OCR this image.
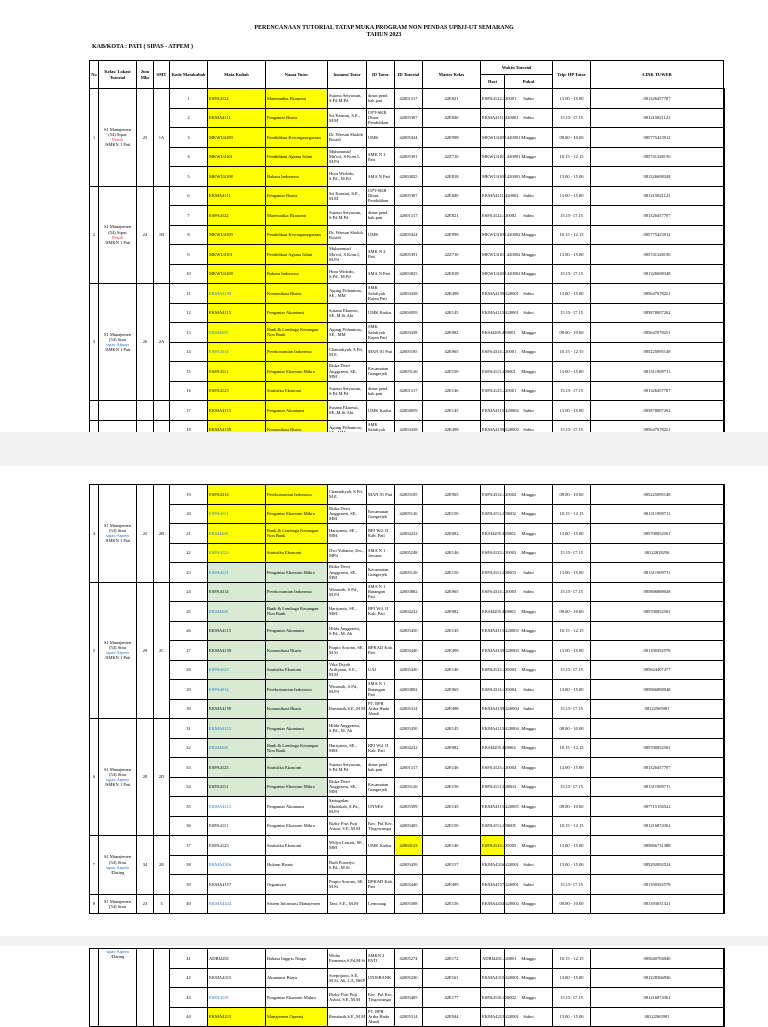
PERENCANAAN TUTORIAL TATAP MUKA PROGRAM NON PENDAS UPBJJ-UT SEMARANG
TAHUN 2023
KAB/KOTA : PATI ( SIPAS - ATPEM )
No	Kelas/ Lokasi Tutorial	Jum Mhs	SMT	Kode Matakuliah	Mata Kuliah	Nama Tutor	Instansi Tutor	ID Tutor	ID Tutorial	Master Kelas	Waktu Tutorial		Telp/ HP Tutor	LINK TUWEB	
											Hari	Pukul			
1	S1 Manajemen (54) Sipas
Pesuh
/SMKN 1 Pati	25	1A	1	ESPA4122	Matematika Ekonomi	Sujono Setyawan, S.Pd.M.Pd	dinas pend kab pati	42001317	42E821	ESPA4122.420001	Sabtu	13.00 - 15.00	081326457707	
				2	EKMA4111	Pengantar Bisnis	Sri Karnini, S.E., M.M	UPT-SKB Dinas Pendidikan	42005387	42E840	EKMA4111.420001	Sabtu	15.15- 17.15	081215821123	
				3	MKWU4109	Pendidikan Kewarganegaraan	Dr. Warsan Shokib Rosidi	UMK	42005424	42E998	MKWU4109.420001	Minggu	08.00 - 10.00	085775423912	
				4	MKWU4101	Pendidikan Agama Islam	Muhammad Mu'rof, S.Kom.I, M.Pd	SMK N 2 Pati	42005391	42Z710	MKWU4101.420001	Minggu	10.15 - 12.15	085741328156	
				5	MKWU4108	Bahasa Indonesia	Hora Widodo, S.Pd., M.Pd	SMA N Pati	42003825	42E818	MKWU4108.420001	Minggu	13.00 - 15.00	081326698348	
2	S1 Manajemen (54) Sipas
Pesuh
/SMKN 1 Pati	24	1B	6	EKMA4111	Pengantar Bisnis	Sri Karnini, S.E., M.M	UPT-SKB Dinas Pendidikan	42005387	42E840	EKMA4111.420002	Sabtu	13.00 - 15.00	081215821123	
				7	ESPA4122	Matematika Ekonomi	Sujono Setyawan, S.Pd.M.Pd	dinas pend kab pati	42001317	42E821	ESPA4122.420002	Sabtu	15.15- 17.15	081326457707	
				8	MKWU4109	Pendidikan Kewarganegaraan	Dr. Warsan Shokib Rosidi	UMK	42005424	42E998	MKWU4109.420002	Minggu	10.15 - 12.15	085775423912	
				9	MKWU4101	Pendidikan Agama Islam	Muhammad Mu'rof, S.Kom.I, M.Pd	SMK N 2 Pati	42005391	42Z710	MKWU4101.420002	Minggu	13.00 - 15.00	085741328156	
				10	MKWU4108	Bahasa Indonesia	Hora Widodo, S.Pd., M.Pd	SMA N Pati	42003825	42E818	MKWU4108.420002	Minggu	15.15- 17.15	081326698348	
3	S1 Manajemen (54) Sinu
sipas-Atpem
/SMKN 1 Pati	26	2A	11	EKMA4159	Komunikasi Bisnis	Agung Prihantoro, SE., MM	SMK Salafiyah Kajen Pati	42003438	42E498	EKMA4159.420001	Sabtu	13.00 - 15.00	085647078251	
				12	EKMA4115	Pengantar Akuntansi	Susana Ekaresti, SE.,M.Si.Akt	UMK Kudus	42004059	42E145	EKMA4115.420001	Sabtu	15.15- 17.15	085878007262	
				13	EKSI4205	Bank & Lembaga Keuangan Non Bank	Agung Prihantoro, SE., MM	SMK Salafiyah Kajen Pati	42003438	42E082	EKSI4205.420001	Minggu	08.00 - 10.00	085647078251	
				14	ESPA4314	Perekonomian Indonesia	Chamidiyah, S.Pd, M.E.	MAN 01 Pati	42005185	42E965	ESPA4314.420001	Minggu	10.15 - 12.15	085225095148	
				15	ESPA4111	Pengantar Ekonomi Mikro	Riska Dewi Anggraeni, SE, MM	Kecamatan Gungrejek	42005126	42E150	ESPA4111.420001	Minggu	13.00 - 15.00	081311909711	
				16	ESPA4123	Statistika Ekonomi	Sujono Setyawan, S.Pd.M.Pd	dinas pend kab pati	42001317	42E146	ESPA4123.420001	Minggu	15.15- 17.15	081326457707	
				17	EKMA4115	Pengantar Akuntansi	Susana Ekaresti, SE.,M.Si.Akt	UMK Kudus	42004059	42E145	EKMA4115.420002	Sabtu	13.00 - 15.00	085878007262	
				18	EKMA4159	Komunikasi Bisnis	Agung Prihantoro,	SMK Salafiyah	42003438	42E498	EKMA4159.420002	Sabtu	15.15- 17.15	085647078251	
4	S1 Manajemen (54) Sinu
sipas-Atpem
/SMKN 1 Pati	25	2B	19	ESPA4314	Perekonomian Indonesia	Chamidiyah, S.Pd, M.E.	MAN 01 Pati	42005185	42E965	ESPA4314.420002	Minggu	08.00 - 10.00	085225095148	
				20	ESPA4111	Pengantar Ekonomi Mikro	Riska Dewi Anggraeni, SE, MM	Kecamatan Gungrejek	42005126	42E150	ESPA4111.420002	Minggu	10.15 - 12.15	081311909711	
				21	EKSI4205	Bank & Lembaga Keuangan Non Bank	Hariyanto, SE., MM.	BPJ Wil. II Kab. Pati	42004232	42E082	EKSI4205.420002	Minggu	13.00 - 15.00	085700052501	
				22	ESPA4123	Statistika Ekonomi	Dwi Yulianto, Drs., MPd	SMA N 1 Juwana	42005248	42E146	ESPA4123.420002	Minggu	15.15- 17.15	08122818256	
				23	ESPA4111	Pengantar Ekonomi Mikro	Riska Dewi Anggraeni, SE, MM	Kecamatan Gungrejek	42005126	42E150	ESPA4111.420003	Sabtu	13.00 - 15.00	081311909711	
5	S1 Manajemen (54) Sinu
sipas-Atpem
/SMKN 1 Pati	29	2C	24	ESPA4314	Perekonomian Indonesia	Winarsih, S.Pd., M.Pd	SMA N 1 Batangan Pati	42003802	42E965	ESPA4314.420003	Sabtu	15.15- 17.15	085866888048	
				25	EKSI4205	Bank & Lembaga Keuangan Non Bank	Hariyanto, SE., MM.	BPJ Wil. II Kab. Pati	42004232	42E082	EKSI4205.420003	Minggu	08.00 - 10.00	085700052501	
				26	EKMA4115	Pengantar Akuntansi	Hilda Anggraeni, S.Pd., M. Ak		42005450	42E145	EKMA4115.420003	Minggu	10.15 - 12.15		
				27	EKMA4159	Komunikasi Bisnis	Prapto Sosono, SE, M.Si	BPKAD Kab. Pati	42003440	42E498	EKMA4159.420003	Minggu	13.00 - 15.00	081390392578	
				28	ESPA4123	Statistika Ekonomi	Vika Dsyah Ardiyanti, S.E., M.M	UAJ	42005420	42E146	ESPA4123.420003	Minggu	15.15- 17.15	085624407477	
				29	ESPA4314	Perekonomian Indonesia	Winarsih, S.Pd., M.Pd	SMA N 1 Batangan Pati	42003802	42E965	ESPA4314.420004	Sabtu	13.00 - 15.00	085866888048	
				30	EKMA4159	Komunikasi Bisnis	Rumiasih,S.E.,M.M	PT. BPR Artha Huda Abadi	42005314	42E498	EKMA4159.420004	Sabtu	15.15- 17.15	08122565981	
6	S1 Manajemen (54) Sinu
sipas-Atpem
/SMKN 1 Pati	28	2D	31	EKMA4115	Pengantar Akuntansi	Hilda Anggraeni, S.Pd., M. Ak		42005450	42E145	EKMA4115.420004	Minggu	08.00 - 10.00		
				32	EKSI4205	Bank & Lembaga Keuangan Non Bank	Hariyanto, SE., MM.	BPJ Wil. II Kab. Pati	42004232	42E082	EKSI4205.420004	Minggu	10.15 - 12.15	085700052501	
				33	ESPA4123	Statistika Ekonomi	Sujono Setyawan, S.Pd.M.Pd	dinas pend kab pati	42001317	42E146	ESPA4123.420004	Minggu	13.00 - 15.00	081326457707	
				34	ESPA4111	Pengantar Ekonomi Mikro	Riska Dewi Anggraeni, SE, MM	Kecamatan Gungrejek	42005126	42E150	ESPA4111.420004	Minggu	15.15- 17.15	081311909711	
				35	EKMA4115	Pengantar Akuntansi	Sartugulan Mudrikah, S.Pd., M.Pd	UNNES	42005399	42E145	EKMA4115.420005	Minggu	08.00 - 10.00	087715156522	
				36	ESPA4111	Pengantar Ekonomi Mikro	Rizky Fitri Puji Astuti, S.E, M.M	Kec. Pul Kec. Tlogowungu	42005405	42E150	ESPA4111.420005	Minggu	10.15 - 12.15	081216874361	
7	S1 Manajemen (54) Sinu
sipas-Atpem
/Daring	34	2E	37	ESPA4123	Statistika Ekonomi	Widya Lestari, SE., MM	UMK Kudus	42004123	42E146	ESPA4123.420005	Minggu	13.00 - 15.00	085866731388	
				38	EKMA4316	Hukum Bisnis	Budi Prasetyo, S.Pd., M.Si		42005439	42E157	EKMA4316.420001	Sabtu	13.00 - 15.00	085292092524	
				39	EKMA4157	Organisasi	Prapto Sosono, SE, M.Si	BPKAD Kab. Pati	42003440	42E499	EKMA4157.420001	Sabtu	15.15- 17.15	081390392578	
8	S1 Manajemen (54) Sinu	23	3	40	EKMA4434	Sistem Informasi Manajemen	Tani, S.E., M.M	Lemotaag	42005308	42E156	EKMA4434.420002	Minggu	08.00 - 10.00	081393051321	
	sipas-Atpem
/Daring			41	ADBI4201	Bahasa Inggris Niaga	Widia Pramesta,S.Pd,M.Si	SMKN 2 PATI	42005274	42E172	ADBI4201.420001	Minggu	10.15 - 12.15	085640704046	
				42	EKMA4315	Akuntansi Biaya	Soeprijono, S.E, M.Si. Ak. CA, BKP	UNISBANK	42005230	42E161	EKMA4315.420001	Minggu	13.00 - 15.00	081228366936	
				43	ESPA4110	Pengantar Ekonomi Makro	Rizky Fitri Puji Astuti, S.E, M.M	Kec. Pul Kec. Tlogowungu	42005405	42E177	ESPA4110.420002	Minggu	15.15- 17.15	081216874361	
				44	EKMA4215	Manajemen Operasi	Rumiasih,S.E.,M.M	PT. BPR Artha Huda Abadi	42005314	42E944	EKMA4215.420001	Sabtu	13.00 - 15.00	08122565981	
